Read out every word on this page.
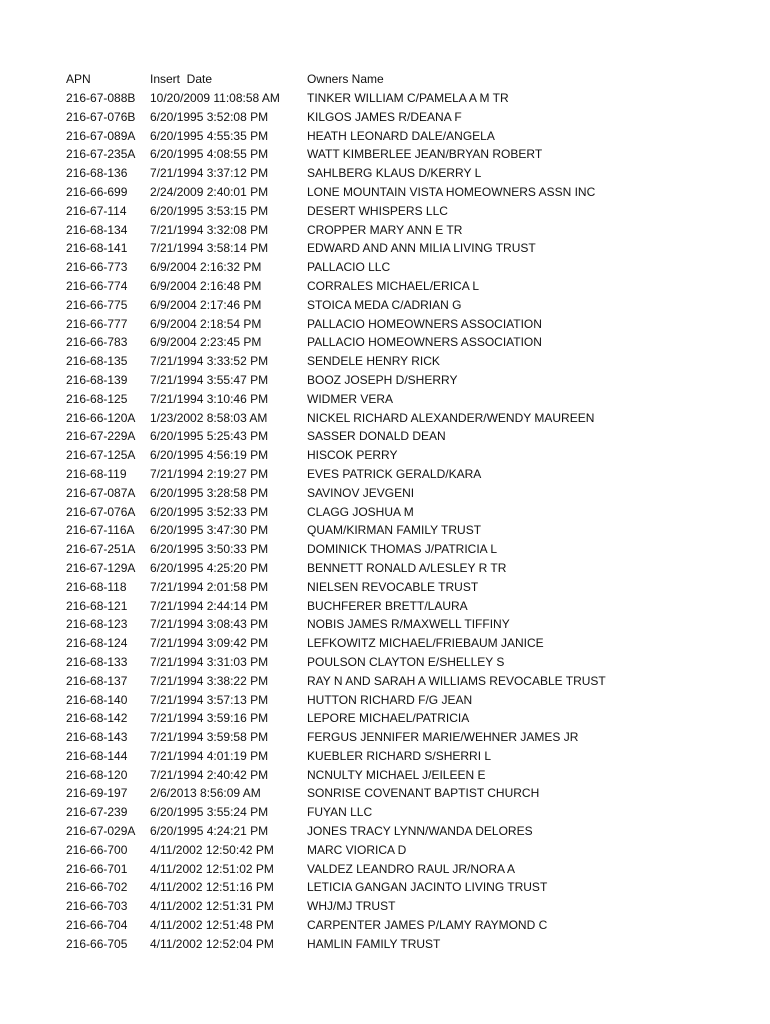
APN	Insert  Date	Owners Name
216-67-088B	10/20/2009 11:08:58 AM	TINKER WILLIAM C/PAMELA A M TR
216-67-076B	6/20/1995 3:52:08 PM	KILGOS JAMES R/DEANA F
216-67-089A	6/20/1995 4:55:35 PM	HEATH LEONARD DALE/ANGELA
216-67-235A	6/20/1995 4:08:55 PM	WATT KIMBERLEE JEAN/BRYAN ROBERT
216-68-136	7/21/1994 3:37:12 PM	SAHLBERG KLAUS D/KERRY L
216-66-699	2/24/2009 2:40:01 PM	LONE MOUNTAIN VISTA HOMEOWNERS ASSN INC
216-67-114	6/20/1995 3:53:15 PM	DESERT WHISPERS LLC
216-68-134	7/21/1994 3:32:08 PM	CROPPER MARY ANN E TR
216-68-141	7/21/1994 3:58:14 PM	EDWARD AND ANN MILIA LIVING TRUST
216-66-773	6/9/2004 2:16:32 PM	PALLACIO LLC
216-66-774	6/9/2004 2:16:48 PM	CORRALES MICHAEL/ERICA L
216-66-775	6/9/2004 2:17:46 PM	STOICA MEDA C/ADRIAN G
216-66-777	6/9/2004 2:18:54 PM	PALLACIO HOMEOWNERS ASSOCIATION
216-66-783	6/9/2004 2:23:45 PM	PALLACIO HOMEOWNERS ASSOCIATION
216-68-135	7/21/1994 3:33:52 PM	SENDELE HENRY RICK
216-68-139	7/21/1994 3:55:47 PM	BOOZ JOSEPH D/SHERRY
216-68-125	7/21/1994 3:10:46 PM	WIDMER VERA
216-66-120A	1/23/2002 8:58:03 AM	NICKEL RICHARD ALEXANDER/WENDY MAUREEN
216-67-229A	6/20/1995 5:25:43 PM	SASSER DONALD DEAN
216-67-125A	6/20/1995 4:56:19 PM	HISCOK PERRY
216-68-119	7/21/1994 2:19:27 PM	EVES PATRICK GERALD/KARA
216-67-087A	6/20/1995 3:28:58 PM	SAVINOV JEVGENI
216-67-076A	6/20/1995 3:52:33 PM	CLAGG JOSHUA M
216-67-116A	6/20/1995 3:47:30 PM	QUAM/KIRMAN FAMILY TRUST
216-67-251A	6/20/1995 3:50:33 PM	DOMINICK THOMAS J/PATRICIA L
216-67-129A	6/20/1995 4:25:20 PM	BENNETT RONALD A/LESLEY R TR
216-68-118	7/21/1994 2:01:58 PM	NIELSEN REVOCABLE TRUST
216-68-121	7/21/1994 2:44:14 PM	BUCHFERER BRETT/LAURA
216-68-123	7/21/1994 3:08:43 PM	NOBIS JAMES R/MAXWELL TIFFINY
216-68-124	7/21/1994 3:09:42 PM	LEFKOWITZ MICHAEL/FRIEBAUM JANICE
216-68-133	7/21/1994 3:31:03 PM	POULSON CLAYTON E/SHELLEY S
216-68-137	7/21/1994 3:38:22 PM	RAY N AND SARAH A WILLIAMS REVOCABLE TRUST
216-68-140	7/21/1994 3:57:13 PM	HUTTON RICHARD F/G JEAN
216-68-142	7/21/1994 3:59:16 PM	LEPORE MICHAEL/PATRICIA
216-68-143	7/21/1994 3:59:58 PM	FERGUS JENNIFER MARIE/WEHNER JAMES JR
216-68-144	7/21/1994 4:01:19 PM	KUEBLER RICHARD S/SHERRI L
216-68-120	7/21/1994 2:40:42 PM	NCNULTY MICHAEL J/EILEEN E
216-69-197	2/6/2013 8:56:09 AM	SONRISE COVENANT BAPTIST CHURCH
216-67-239	6/20/1995 3:55:24 PM	FUYAN LLC
216-67-029A	6/20/1995 4:24:21 PM	JONES TRACY LYNN/WANDA DELORES
216-66-700	4/11/2002 12:50:42 PM	MARC VIORICA D
216-66-701	4/11/2002 12:51:02 PM	VALDEZ LEANDRO RAUL JR/NORA A
216-66-702	4/11/2002 12:51:16 PM	LETICIA GANGAN JACINTO LIVING TRUST
216-66-703	4/11/2002 12:51:31 PM	WHJ/MJ TRUST
216-66-704	4/11/2002 12:51:48 PM	CARPENTER JAMES P/LAMY RAYMOND C
216-66-705	4/11/2002 12:52:04 PM	HAMLIN FAMILY TRUST
